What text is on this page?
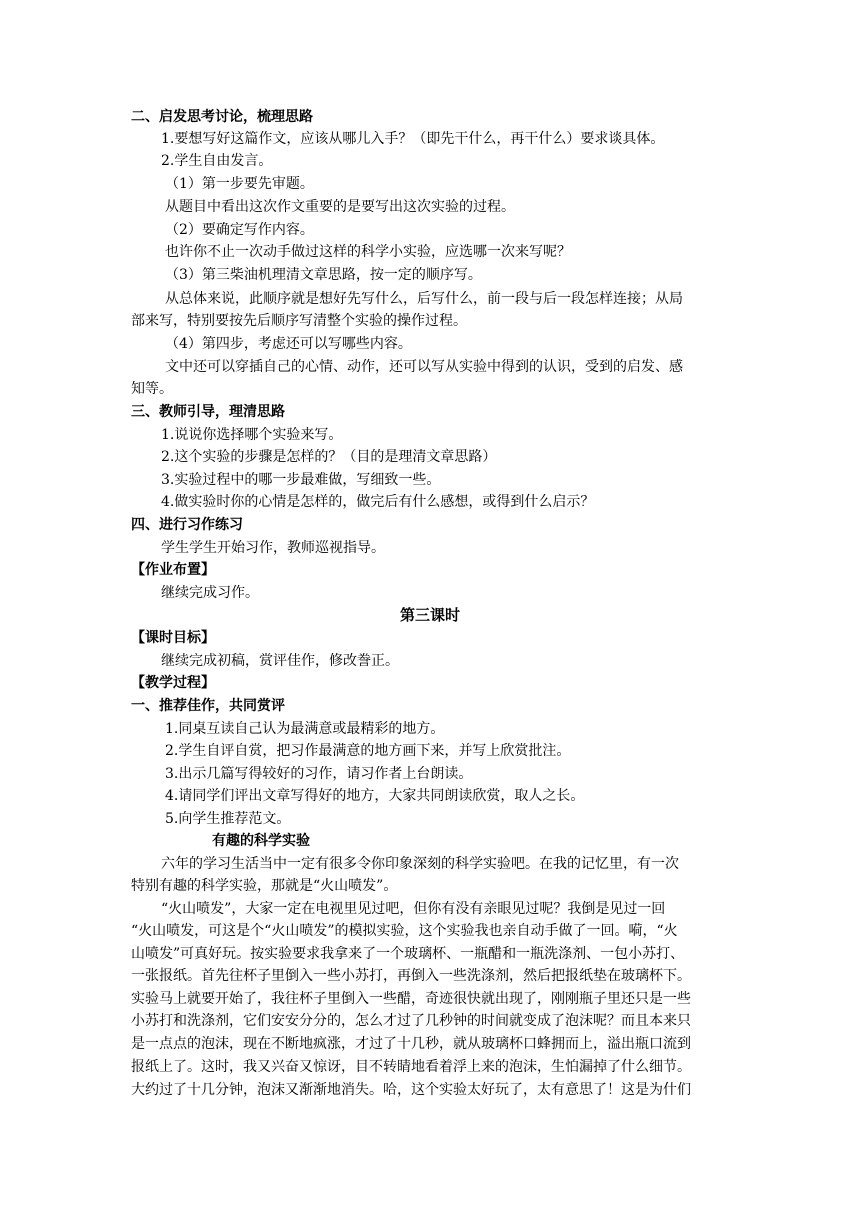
二、启发思考讨论，梳理思路
1.要想写好这篇作文，应该从哪儿入手？（即先干什么，再干什么）要求谈具体。
2.学生自由发言。
（1）第一步要先审题。
从题目中看出这次作文重要的是要写出这次实验的过程。
（2）要确定写作内容。
也许你不止一次动手做过这样的科学小实验，应选哪一次来写呢？
（3）第三柴油机理清文章思路，按一定的顺序写。
从总体来说，此顺序就是想好先写什么，后写什么，前一段与后一段怎样连接；从局
部来写，特别要按先后顺序写清整个实验的操作过程。
（4）第四步，考虑还可以写哪些内容。
文中还可以穿插自己的心情、动作，还可以写从实验中得到的认识，受到的启发、感
知等。
三、教师引导，理清思路
1.说说你选择哪个实验来写。
2.这个实验的步骤是怎样的？（目的是理清文章思路）
3.实验过程中的哪一步最难做，写细致一些。
4.做实验时你的心情是怎样的，做完后有什么感想，或得到什么启示？
四、进行习作练习
学生学生开始习作，教师巡视指导。
【作业布置】
继续完成习作。
第三课时
【课时目标】
继续完成初稿，赏评佳作，修改誊正。
【教学过程】
一、推荐佳作，共同赏评
1.同桌互读自己认为最满意或最精彩的地方。
2.学生自评自赏，把习作最满意的地方画下来，并写上欣赏批注。
3.出示几篇写得较好的习作，请习作者上台朗读。
4.请同学们评出文章写得好的地方，大家共同朗读欣赏，取人之长。
5.向学生推荐范文。
有趣的科学实验
六年的学习生活当中一定有很多令你印象深刻的科学实验吧。在我的记忆里，有一次
特别有趣的科学实验，那就是“火山喷发”。
“火山喷发”，大家一定在电视里见过吧，但你有没有亲眼见过呢？我倒是见过一回
“火山喷发，可这是个“火山喷发”的模拟实验，这个实验我也亲自动手做了一回。嗬，“火
山喷发”可真好玩。按实验要求我拿来了一个玻璃杯、一瓶醋和一瓶洗涤剂、一包小苏打、
一张报纸。首先往杯子里倒入一些小苏打，再倒入一些洗涤剂，然后把报纸垫在玻璃杯下。
实验马上就要开始了，我往杯子里倒入一些醋，奇迹很快就出现了，刚刚瓶子里还只是一些
小苏打和洗涤剂，它们安安分分的，怎么才过了几秒钟的时间就变成了泡沫呢？而且本来只
是一点点的泡沫，现在不断地疯涨，才过了十几秒，就从玻璃杯口蜂拥而上，溢出瓶口流到
报纸上了。这时，我又兴奋又惊讶，目不转睛地看着浮上来的泡沫，生怕漏掉了什么细节。
大约过了十几分钟，泡沫又渐渐地消失。哈，这个实验太好玩了，太有意思了！这是为什们
